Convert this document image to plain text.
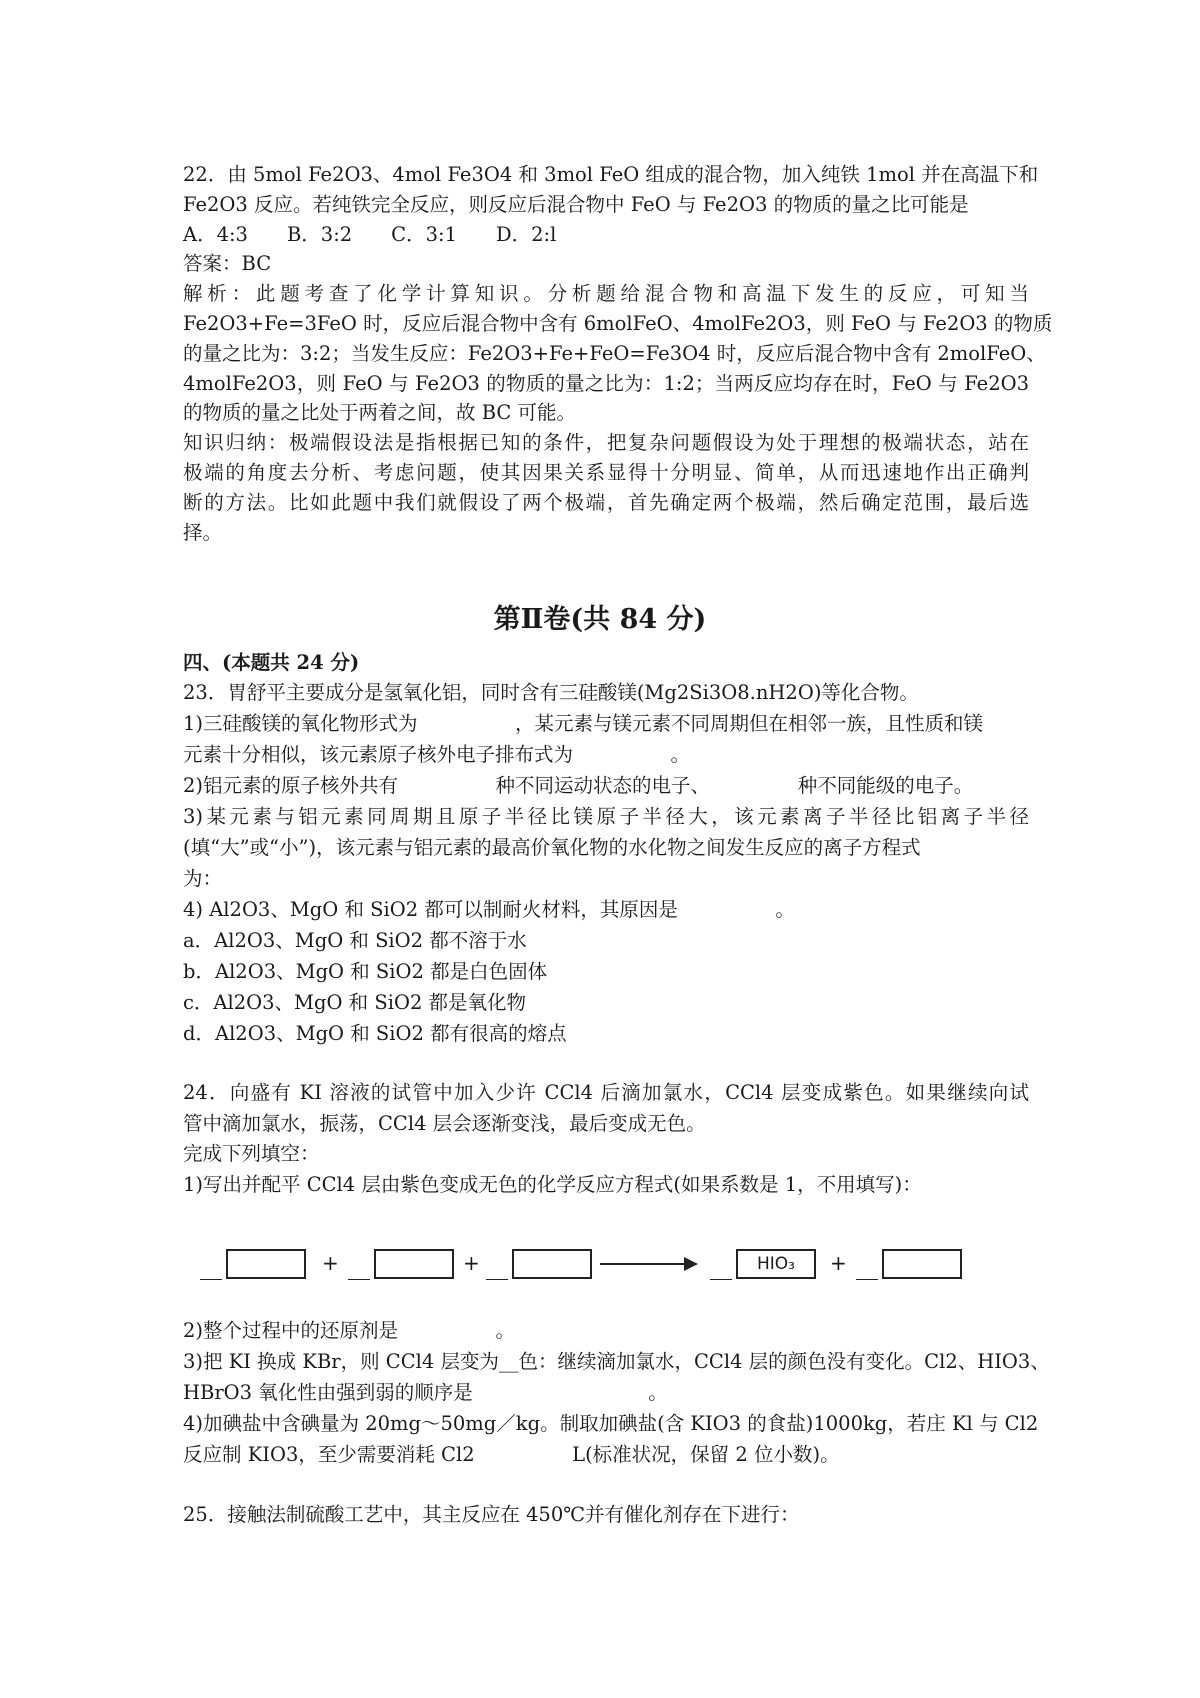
22．由 5mol Fe2O3、4mol Fe3O4 和 3mol FeO 组成的混合物，加入纯铁 1mol 并在高温下和
Fe2O3 反应。若纯铁完全反应，则反应后混合物中 FeO 与 Fe2O3 的物质的量之比可能是
A．4:3　　B．3:2　　C．3:1　　D．2:l
答案：BC
解析：此题考查了化学计算知识。分析题给混合物和高温下发生的反应，可知当
Fe2O3+Fe=3FeO 时，反应后混合物中含有 6molFeO、4molFe2O3，则 FeO 与 Fe2O3 的物质
的量之比为：3:2；当发生反应：Fe2O3+Fe+FeO=Fe3O4 时，反应后混合物中含有 2molFeO、
4molFe2O3，则 FeO 与 Fe2O3 的物质的量之比为：1:2；当两反应均存在时，FeO 与 Fe2O3
的物质的量之比处于两着之间，故 BC 可能。
知识归纳：极端假设法是指根据已知的条件，把复杂问题假设为处于理想的极端状态，站在
极端的角度去分析、考虑问题，使其因果关系显得十分明显、简单，从而迅速地作出正确判
断的方法。比如此题中我们就假设了两个极端，首先确定两个极端，然后确定范围，最后选
择。
第Ⅱ卷(共 84 分)
四、(本题共 24 分)
23．胃舒平主要成分是氢氧化铝，同时含有三硅酸镁(Mg2Si3O8.nH2O)等化合物。
1)三硅酸镁的氧化物形式为　　　　　，某元素与镁元素不同周期但在相邻一族，且性质和镁
元素十分相似，该元素原子核外电子排布式为　　　　　。
2)铝元素的原子核外共有　　　　　种不同运动状态的电子、　　　　　种不同能级的电子。
3)某元素与铝元素同周期且原子半径比镁原子半径大，该元素离子半径比铝离子半径
(填“大”或“小”)，该元素与铝元素的最高价氧化物的水化物之间发生反应的离子方程式
为：
4) Al2O3、MgO 和 SiO2 都可以制耐火材料，其原因是　　　　　。
a．Al2O3、MgO 和 SiO2 都不溶于水
b．Al2O3、MgO 和 SiO2 都是白色固体
c．Al2O3、MgO 和 SiO2 都是氧化物
d．Al2O3、MgO 和 SiO2 都有很高的熔点
24．向盛有 KI 溶液的试管中加入少许 CCl4 后滴加氯水，CCl4 层变成紫色。如果继续向试
管中滴加氯水，振荡，CCl4 层会逐渐变浅，最后变成无色。
完成下列填空：
1)写出并配平 CCl4 层由紫色变成无色的化学反应方程式(如果系数是 1，不用填写)：
+	+	HIO₃	+
2)整个过程中的还原剂是　　　　　。
3)把 KI 换成 KBr，则 CCl4 层变为__色：继续滴加氯水，CCl4 层的颜色没有变化。Cl2、HIO3、
HBrO3 氧化性由强到弱的顺序是　　　　　　　　　。
4)加碘盐中含碘量为 20mg～50mg／kg。制取加碘盐(含 KIO3 的食盐)1000kg，若庄 Kl 与 Cl2
反应制 KIO3，至少需要消耗 Cl2　　　　　L(标准状况，保留 2 位小数)。
25．接触法制硫酸工艺中，其主反应在 450℃并有催化剂存在下进行：
